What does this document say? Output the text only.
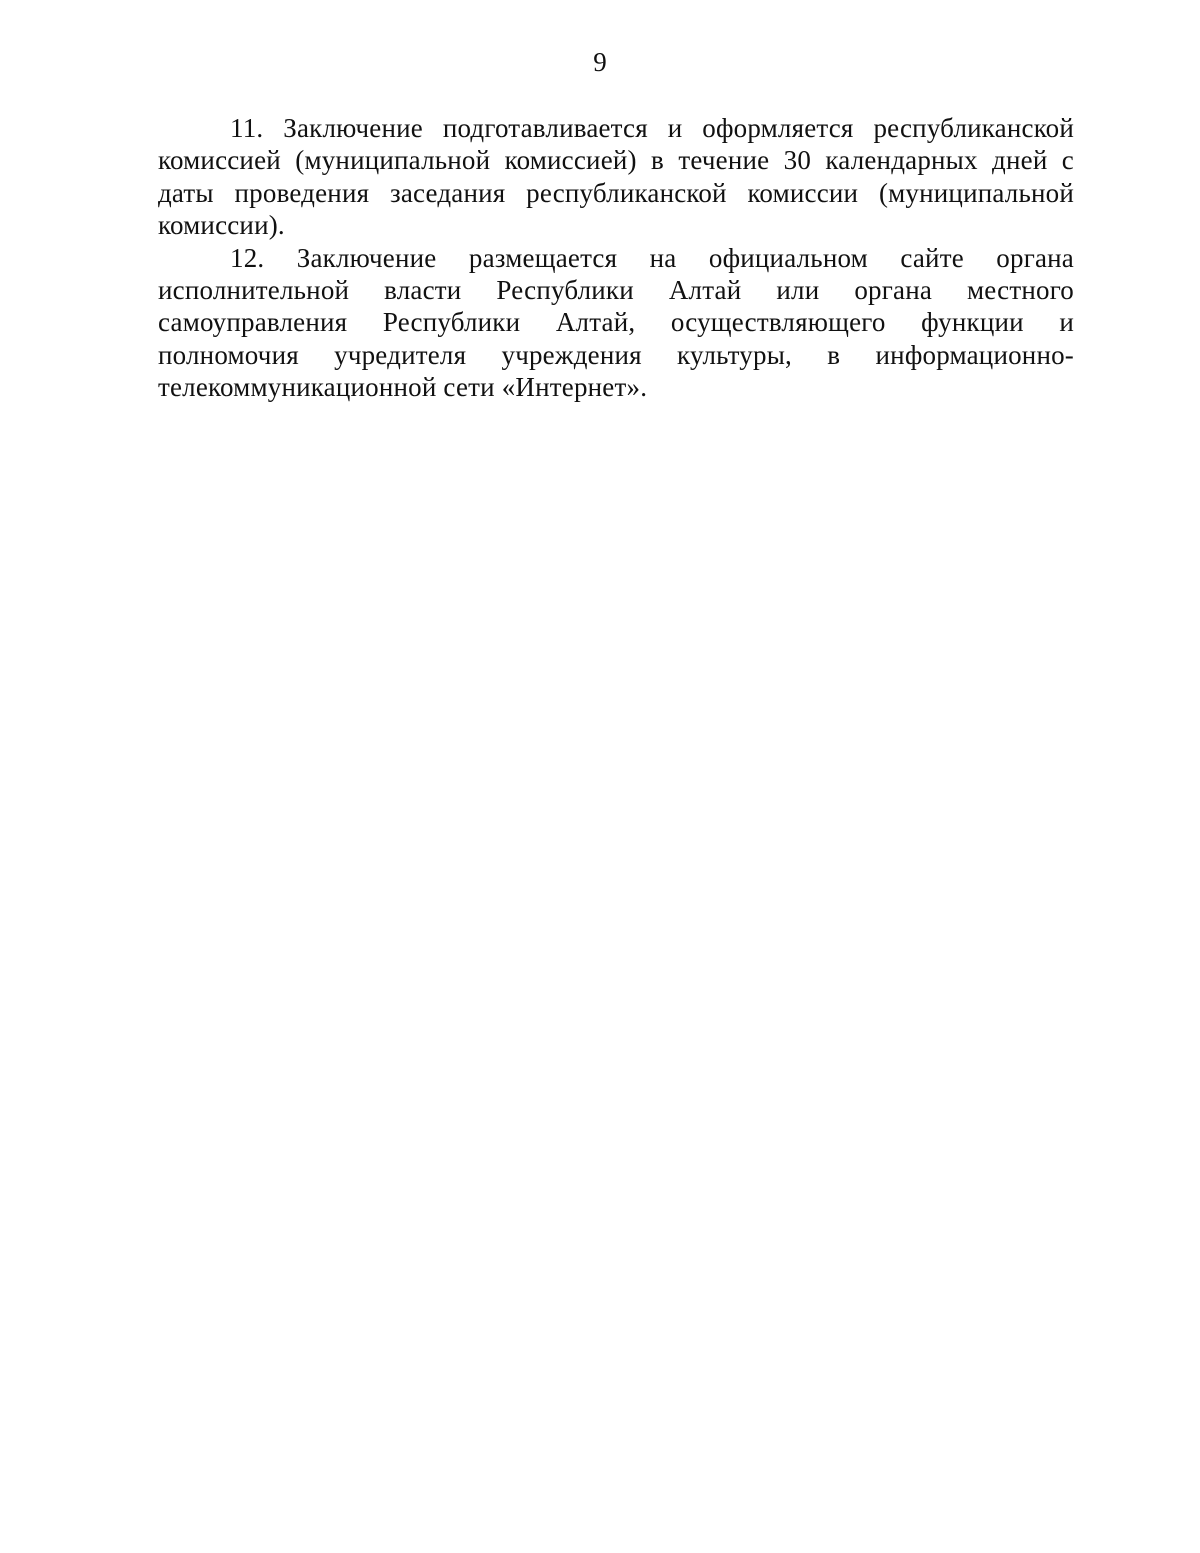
9

11. Заключение подготавливается и оформляется республиканской комиссией (муниципальной комиссией) в течение 30 календарных дней с даты проведения заседания республиканской комиссии (муниципальной комиссии).

12. Заключение размещается на официальном сайте органа исполнительной власти Республики Алтай или органа местного самоуправления Республики Алтай, осуществляющего функции и полномочия учредителя учреждения культуры, в информационно-телекоммуникационной сети «Интернет».
